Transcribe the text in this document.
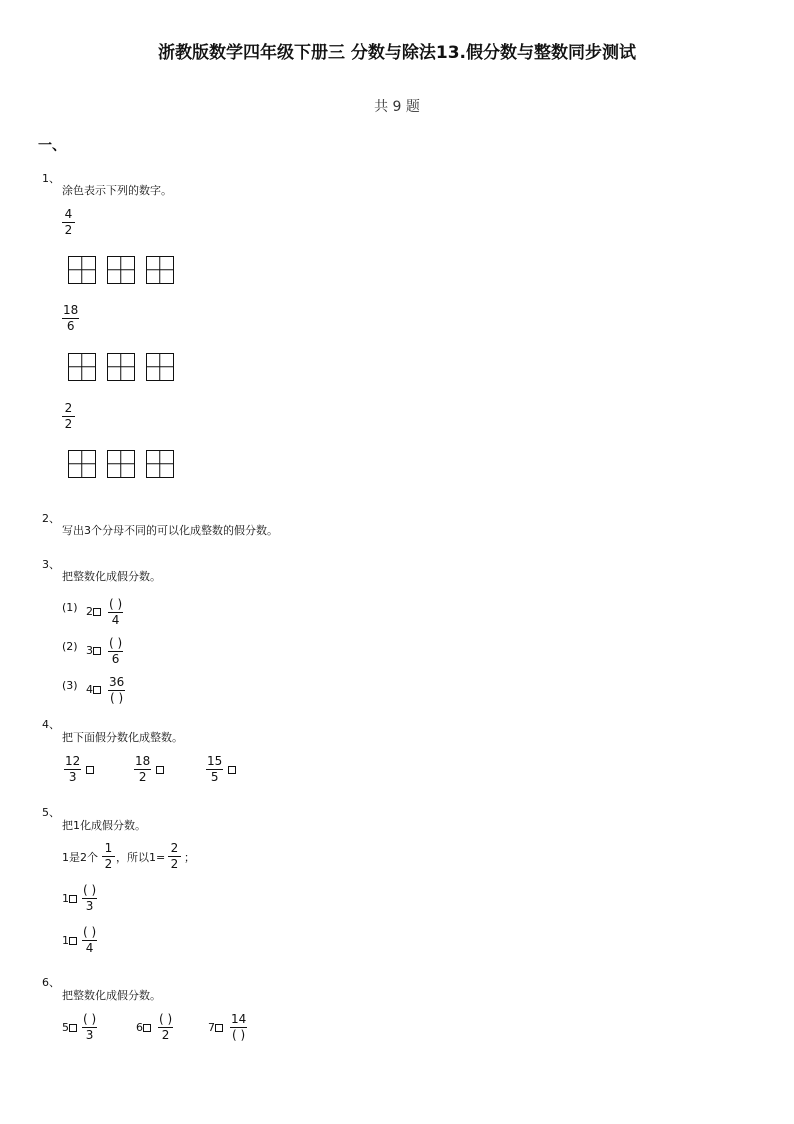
浙教版数学四年级下册三 分数与除法13.假分数与整数同步测试
共 9 题
一、
1、
涂色表示下列的数字。
$\frac{4}{2}$
$\frac{18}{6}$
$\frac{2}{2}$
2、
写出3个分母不同的可以化成整数的假分数。
3、
把整数化成假分数。
(1) 2
( )
4
(2) 3
( )
6
(3) 4
36
( )
4、
把下面假分数化成整数。
$\frac{12}{3}$	$\frac{18}{2}$	$\frac{15}{5}$
5、
把1化成假分数。
1是2个 $\frac{1}{2}$ ，所以$1= \frac{2}{2}$ ；
1
( )
3
1
( )
4
6、
把整数化成假分数。
5
( )
3
6
( )
2
7
14
( )
